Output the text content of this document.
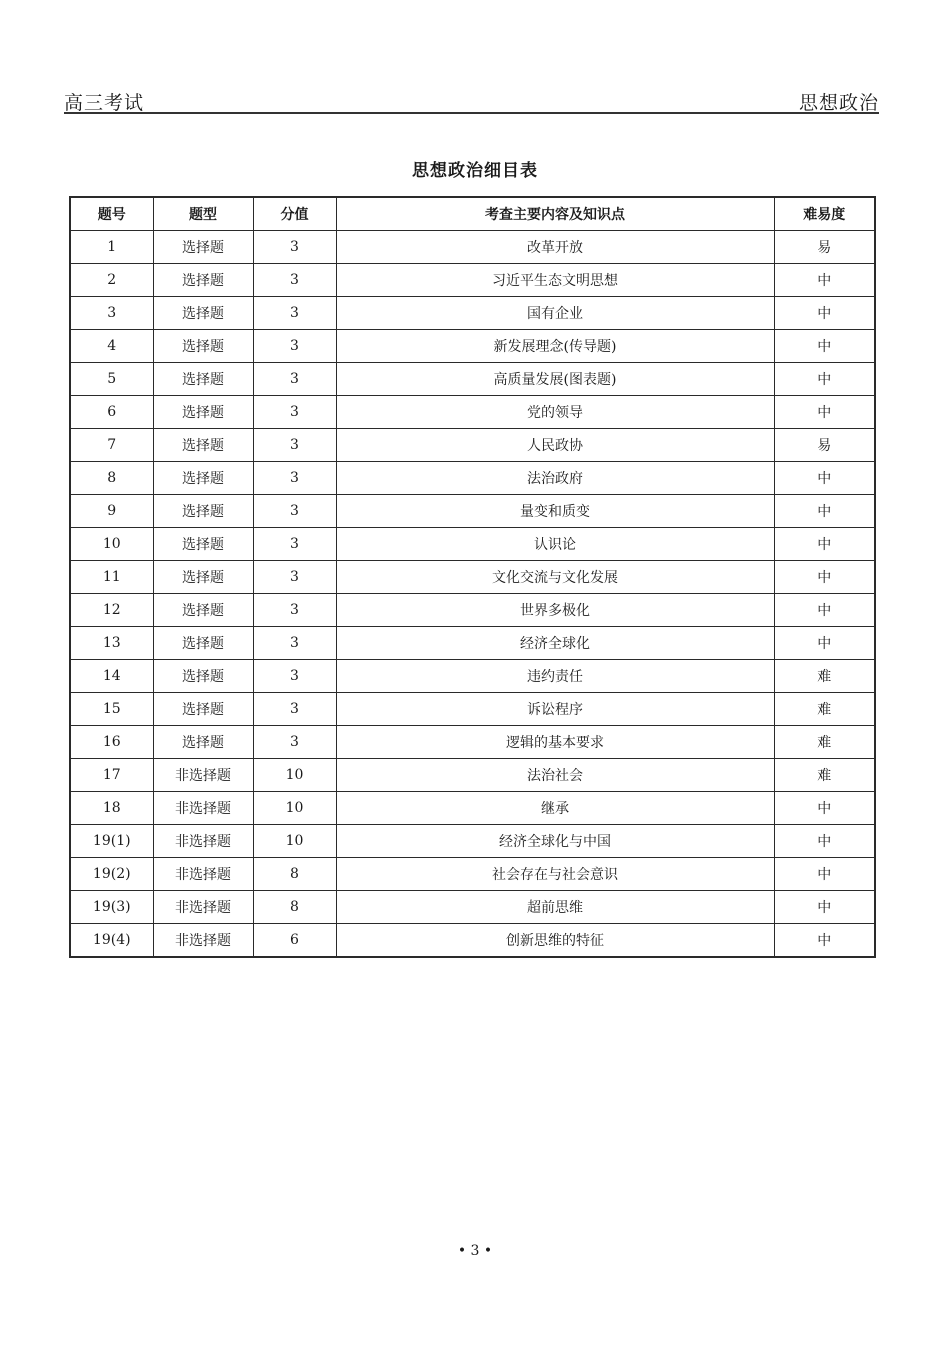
高三考试	思想政治
思想政治细目表
题号	题型	分值	考查主要内容及知识点	难易度
1	选择题	3	改革开放	易
2	选择题	3	习近平生态文明思想	中
3	选择题	3	国有企业	中
4	选择题	3	新发展理念(传导题)	中
5	选择题	3	高质量发展(图表题)	中
6	选择题	3	党的领导	中
7	选择题	3	人民政协	易
8	选择题	3	法治政府	中
9	选择题	3	量变和质变	中
10	选择题	3	认识论	中
11	选择题	3	文化交流与文化发展	中
12	选择题	3	世界多极化	中
13	选择题	3	经济全球化	中
14	选择题	3	违约责任	难
15	选择题	3	诉讼程序	难
16	选择题	3	逻辑的基本要求	难
17	非选择题	10	法治社会	难
18	非选择题	10	继承	中
19(1)	非选择题	10	经济全球化与中国	中
19(2)	非选择题	8	社会存在与社会意识	中
19(3)	非选择题	8	超前思维	中
19(4)	非选择题	6	创新思维的特征	中
• 3 •
